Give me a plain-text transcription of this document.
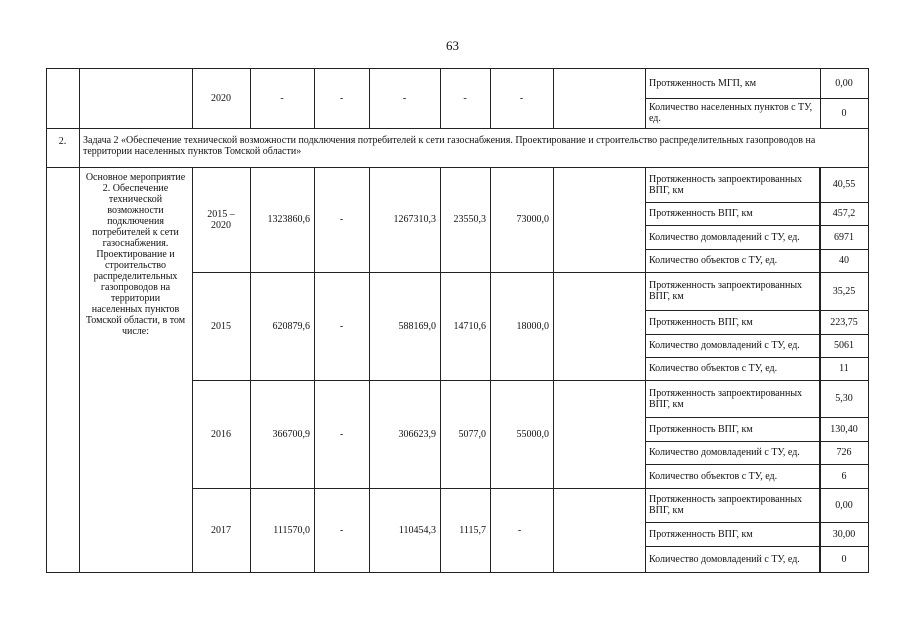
63
2020	-	-	-	-	-
Протяженность МГП, км	0,00
Количество населенных пунктов с ТУ, ед.	0
2.	Задача 2 «Обеспечение технической возможности подключения потребителей к сети газоснабжения. Проектирование и строительство распределительных газопроводов на территории населенных пунктов Томской области»
Основное мероприятие 2. Обеспечение технической возможности подключения потребителей к сети газоснабжения. Проектирование и строительство распределительных газопроводов на территории населенных пунктов Томской области, в том числе:
2015 – 2020	1323860,6	-	1267310,3	23550,3	73000,0
Протяженность запроектированных ВПГ, км	40,55
Протяженность ВПГ, км	457,2
Количество домовладений с ТУ, ед.	6971
Количество объектов с ТУ, ед.	40
2015	620879,6	-	588169,0	14710,6	18000,0
Протяженность запроектированных ВПГ, км	35,25
Протяженность ВПГ, км	223,75
Количество домовладений с ТУ, ед.	5061
Количество объектов с ТУ, ед.	11
2016	366700,9	-	306623,9	5077,0	55000,0
Протяженность запроектированных ВПГ, км	5,30
Протяженность ВПГ, км	130,40
Количество домовладений с ТУ, ед.	726
Количество объектов с ТУ, ед.	6
2017	111570,0	-	110454,3	1115,7	-
Протяженность запроектированных ВПГ, км	0,00
Протяженность ВПГ, км	30,00
Количество домовладений с ТУ, ед.	0
